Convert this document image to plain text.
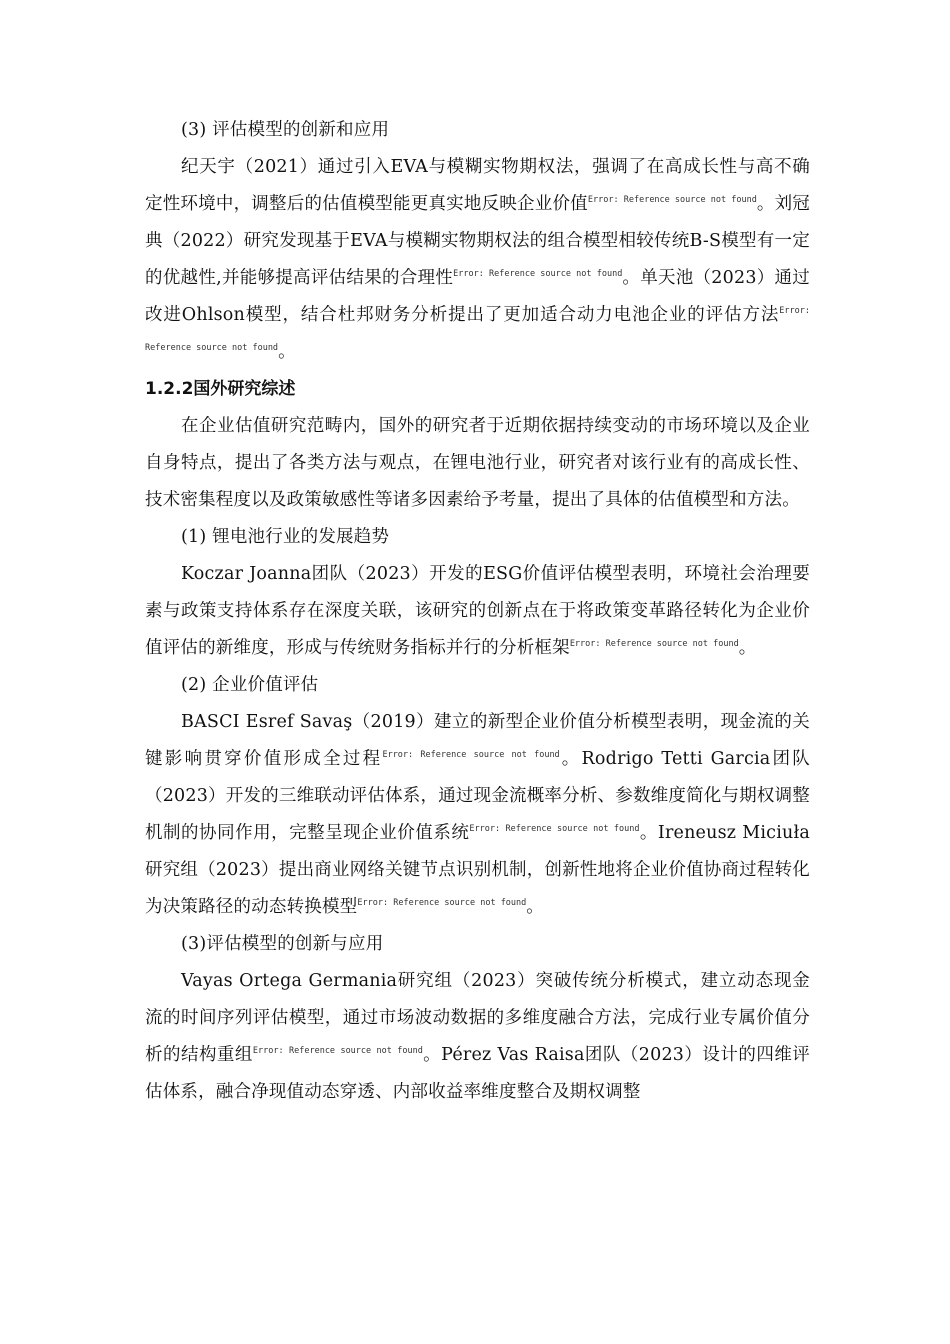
(3) 评估模型的创新和应用

纪天宇（2021）通过引入EVA与模糊实物期权法，强调了在高成长性与高不确定性环境中，调整后的估值模型能更真实地反映企业价值$^{Error: Reference source not found}$。刘冠典（2022）研究发现基于EVA与模糊实物期权法的组合模型相较传统B-S模型有一定的优越性,并能够提高评估结果的合理性$^{Error: Reference source not found}$。单天池（2023）通过改进Ohlson模型，结合杜邦财务分析提出了更加适合动力电池企业的评估方法$^{Error: Reference source not found}$。

1.2.2国外研究综述

在企业估值研究范畴内，国外的研究者于近期依据持续变动的市场环境以及企业自身特点，提出了各类方法与观点，在锂电池行业，研究者对该行业有的高成长性、技术密集程度以及政策敏感性等诸多因素给予考量，提出了具体的估值模型和方法。

(1) 锂电池行业的发展趋势

Koczar Joanna团队（2023）开发的ESG价值评估模型表明，环境社会治理要素与政策支持体系存在深度关联，该研究的创新点在于将政策变革路径转化为企业价值评估的新维度，形成与传统财务指标并行的分析框架$^{Error: Reference source not found}$。

(2) 企业价值评估

BASCI Esref Savaş（2019）建立的新型企业价值分析模型表明，现金流的关键影响贯穿价值形成全过程$^{Error: Reference source not found}$。Rodrigo Tetti Garcia团队（2023）开发的三维联动评估体系，通过现金流概率分析、参数维度简化与期权调整机制的协同作用，完整呈现企业价值系统$^{Error: Reference source not found}$。Ireneusz Miciuła研究组（2023）提出商业网络关键节点识别机制，创新性地将企业价值协商过程转化为决策路径的动态转换模型$^{Error: Reference source not found}$。

(3)评估模型的创新与应用

Vayas Ortega Germania研究组（2023）突破传统分析模式，建立动态现金流的时间序列评估模型，通过市场波动数据的多维度融合方法，完成行业专属价值分析的结构重组$^{Error: Reference source not found}$。Pérez Vas Raisa团队（2023）设计的四维评估体系，融合净现值动态穿透、内部收益率维度整合及期权调整
